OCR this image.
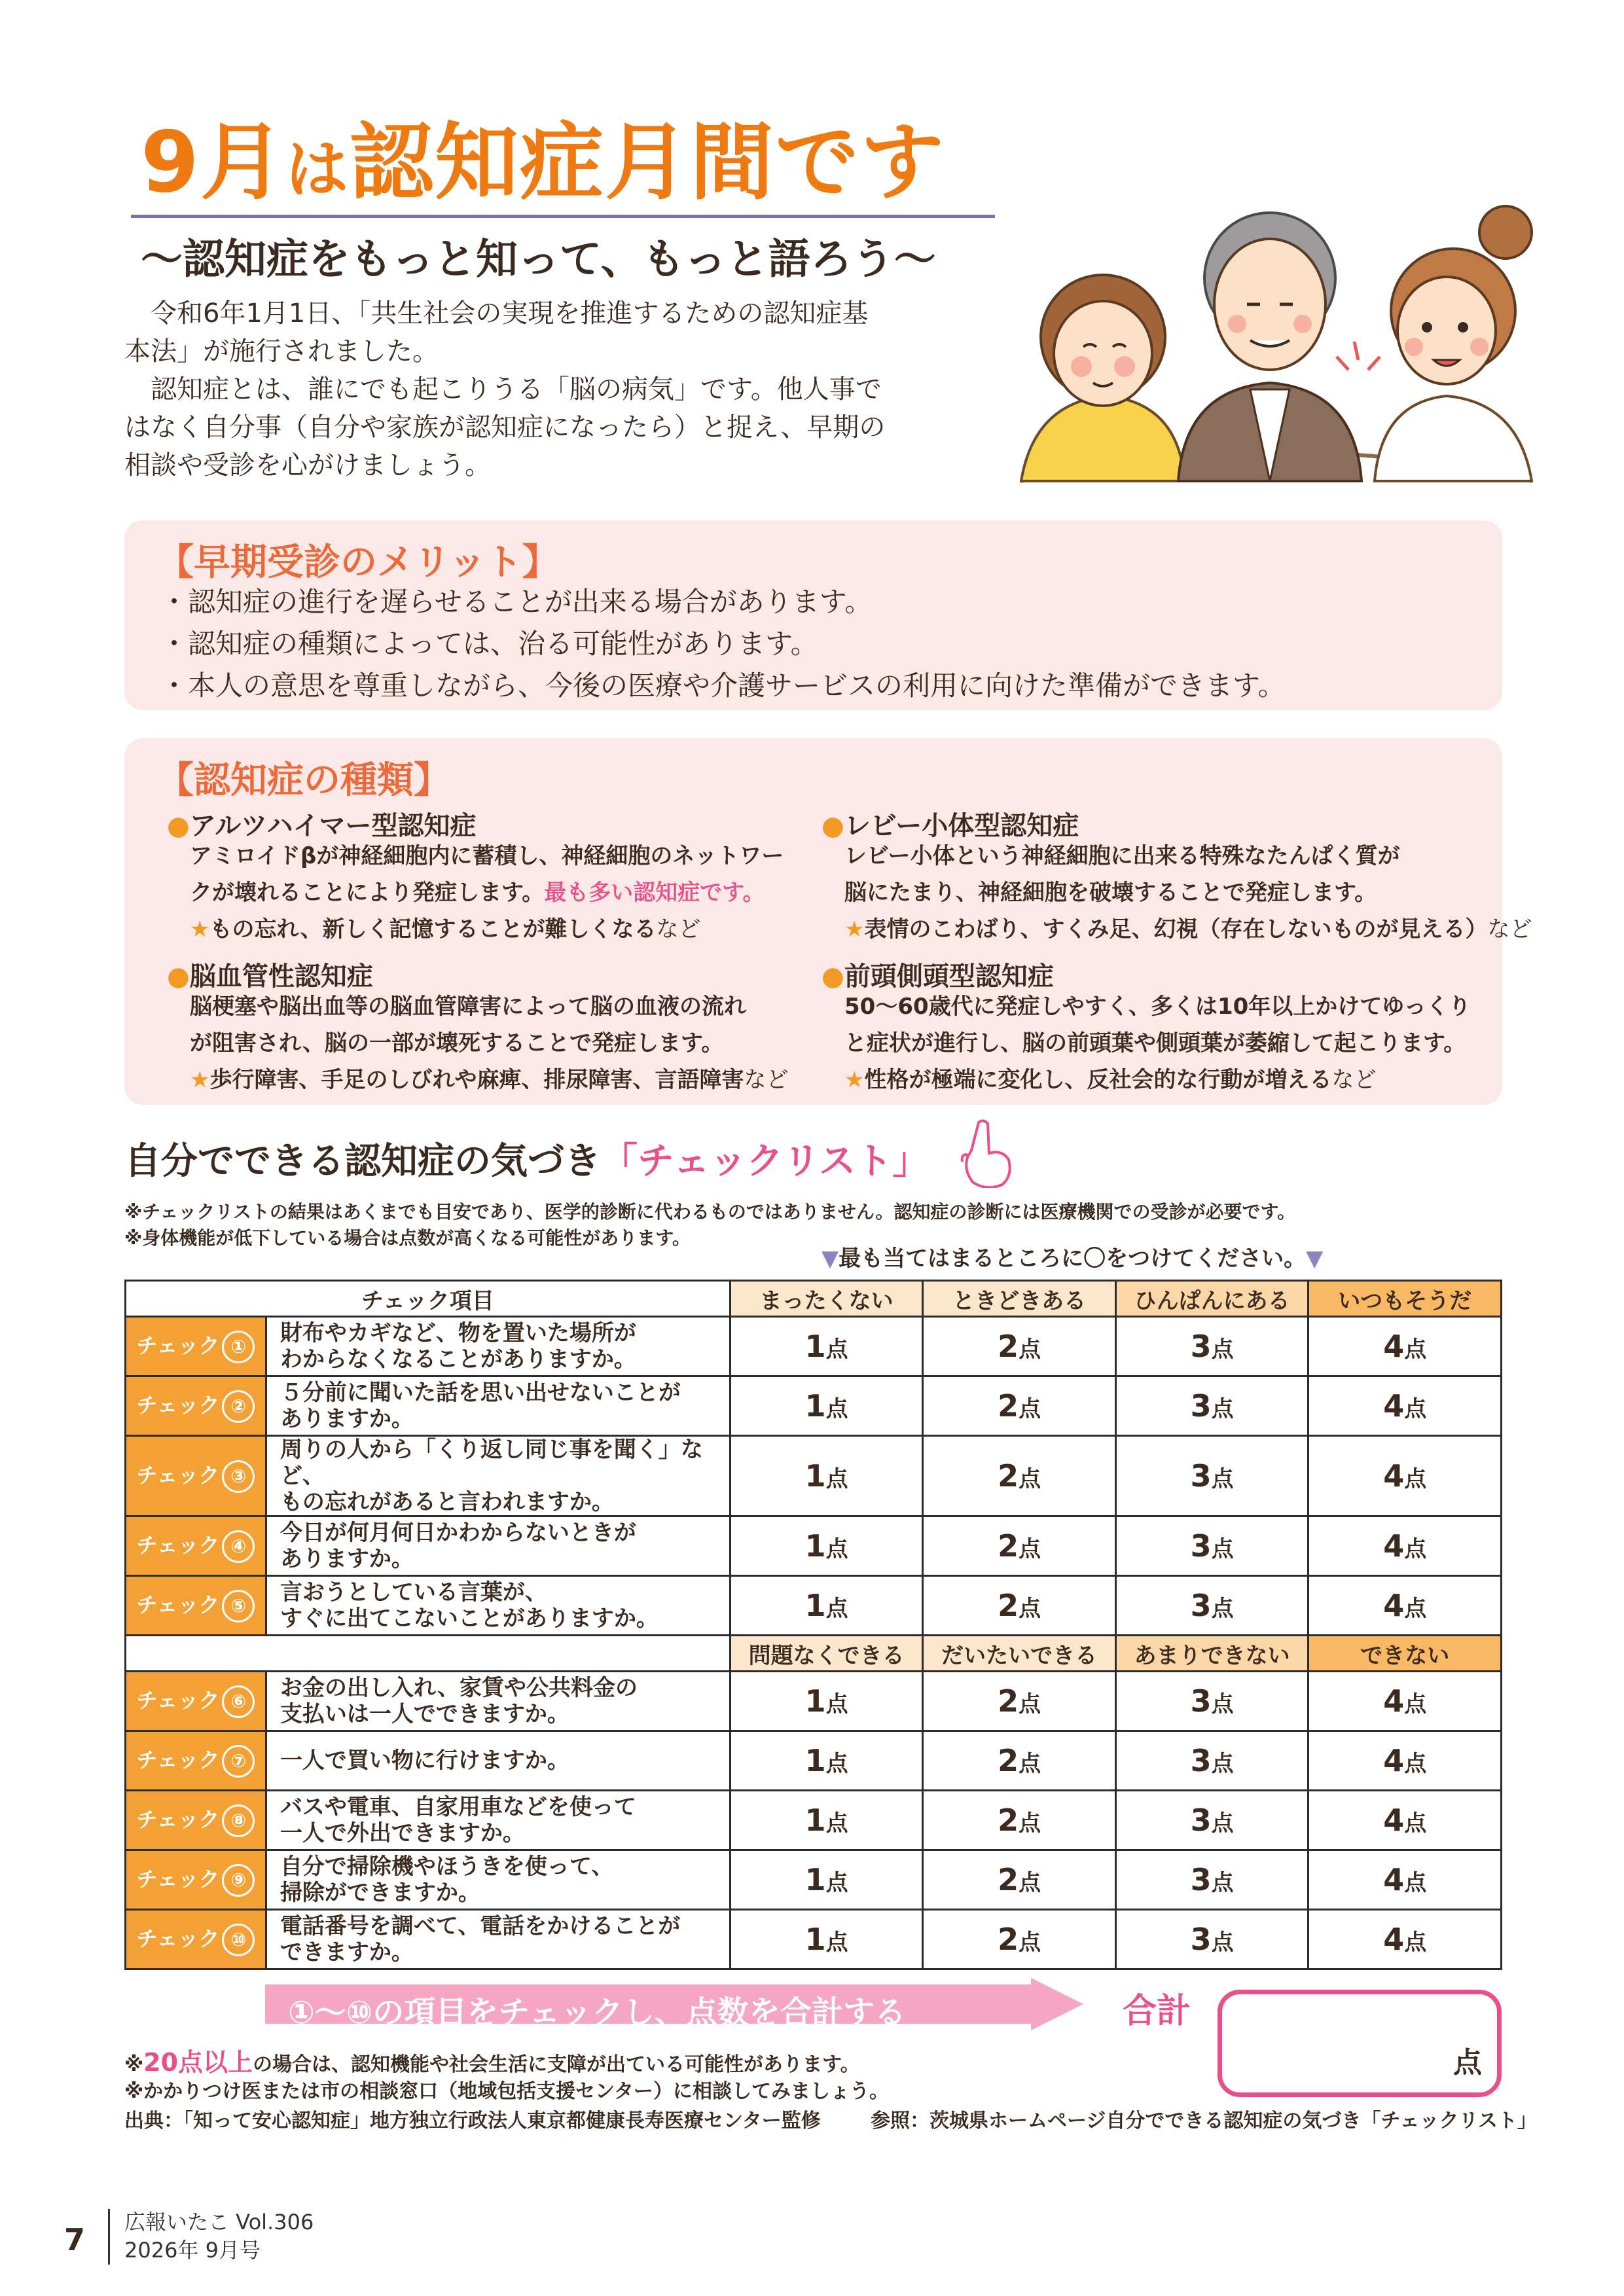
9月は認知症月間です
～認知症をもっと知って、もっと語ろう～
　令和6年1月1日、「共生社会の実現を推進するための認知症基
本法」が施行されました。
　認知症とは、誰にでも起こりうる「脳の病気」です。他人事で
はなく自分事（自分や家族が認知症になったら）と捉え、早期の
相談や受診を心がけましょう。
【早期受診のメリット】
・認知症の進行を遅らせることが出来る場合があります。
・認知症の種類によっては、治る可能性があります。
・本人の意思を尊重しながら、今後の医療や介護サービスの利用に向けた準備ができます。
【認知症の種類】
●アルツハイマー型認知症
アミロイドβが神経細胞内に蓄積し、神経細胞のネットワー
クが壊れることにより発症します。最も多い認知症です。
★もの忘れ、新しく記憶することが難しくなるなど
●レビー小体型認知症
レビー小体という神経細胞に出来る特殊なたんぱく質が
脳にたまり、神経細胞を破壊することで発症します。
★表情のこわばり、すくみ足、幻視（存在しないものが見える）など
●脳血管性認知症
脳梗塞や脳出血等の脳血管障害によって脳の血液の流れ
が阻害され、脳の一部が壊死することで発症します。
★歩行障害、手足のしびれや麻痺、排尿障害、言語障害など
●前頭側頭型認知症
50～60歳代に発症しやすく、多くは10年以上かけてゆっくり
と症状が進行し、脳の前頭葉や側頭葉が萎縮して起こります。
★性格が極端に変化し、反社会的な行動が増えるなど
自分でできる認知症の気づき「チェックリスト」
※チェックリストの結果はあくまでも目安であり、医学的診断に代わるものではありません。認知症の診断には医療機関での受診が必要です。
※身体機能が低下している場合は点数が高くなる可能性があります。
▼最も当てはまるところに〇をつけてください。▼
チェック項目		まったくない	ときどきある	ひんぱんにある	いつもそうだ
チェック ①	財布やカギなど、物を置いた場所が
わからなくなることがありますか。	1点	2点	3点	4点
チェック ②	５分前に聞いた話を思い出せないことが
ありますか。	1点	2点	3点	4点
チェック ③	周りの人から「くり返し同じ事を聞く」など、
もの忘れがあると言われますか。	1点	2点	3点	4点
チェック ④	今日が何月何日かわからないときが
ありますか。	1点	2点	3点	4点
チェック ⑤	言おうとしている言葉が、
すぐに出てこないことがありますか。	1点	2点	3点	4点
		問題なくできる	だいたいできる	あまりできない	できない
チェック ⑥	お金の出し入れ、家賃や公共料金の
支払いは一人でできますか。	1点	2点	3点	4点
チェック ⑦	一人で買い物に行けますか。	1点	2点	3点	4点
チェック ⑧	バスや電車、自家用車などを使って
一人で外出できますか。	1点	2点	3点	4点
チェック ⑨	自分で掃除機やほうきを使って、
掃除ができますか。	1点	2点	3点	4点
チェック ⑩	電話番号を調べて、電話をかけることが
できますか。	1点	2点	3点	4点
①～⑩の項目をチェックし、点数を合計する	合計
点
※20点以上の場合は、認知機能や社会生活に支障が出ている可能性があります。
※かかりつけ医または市の相談窓口（地域包括支援センター）に相談してみましょう。
出典：「知って安心認知症」地方独立行政法人東京都健康長寿医療センター監修	参照：茨城県ホームページ自分でできる認知症の気づき「チェックリスト」
7 広報いたこ Vol.306
2026年 9月号
